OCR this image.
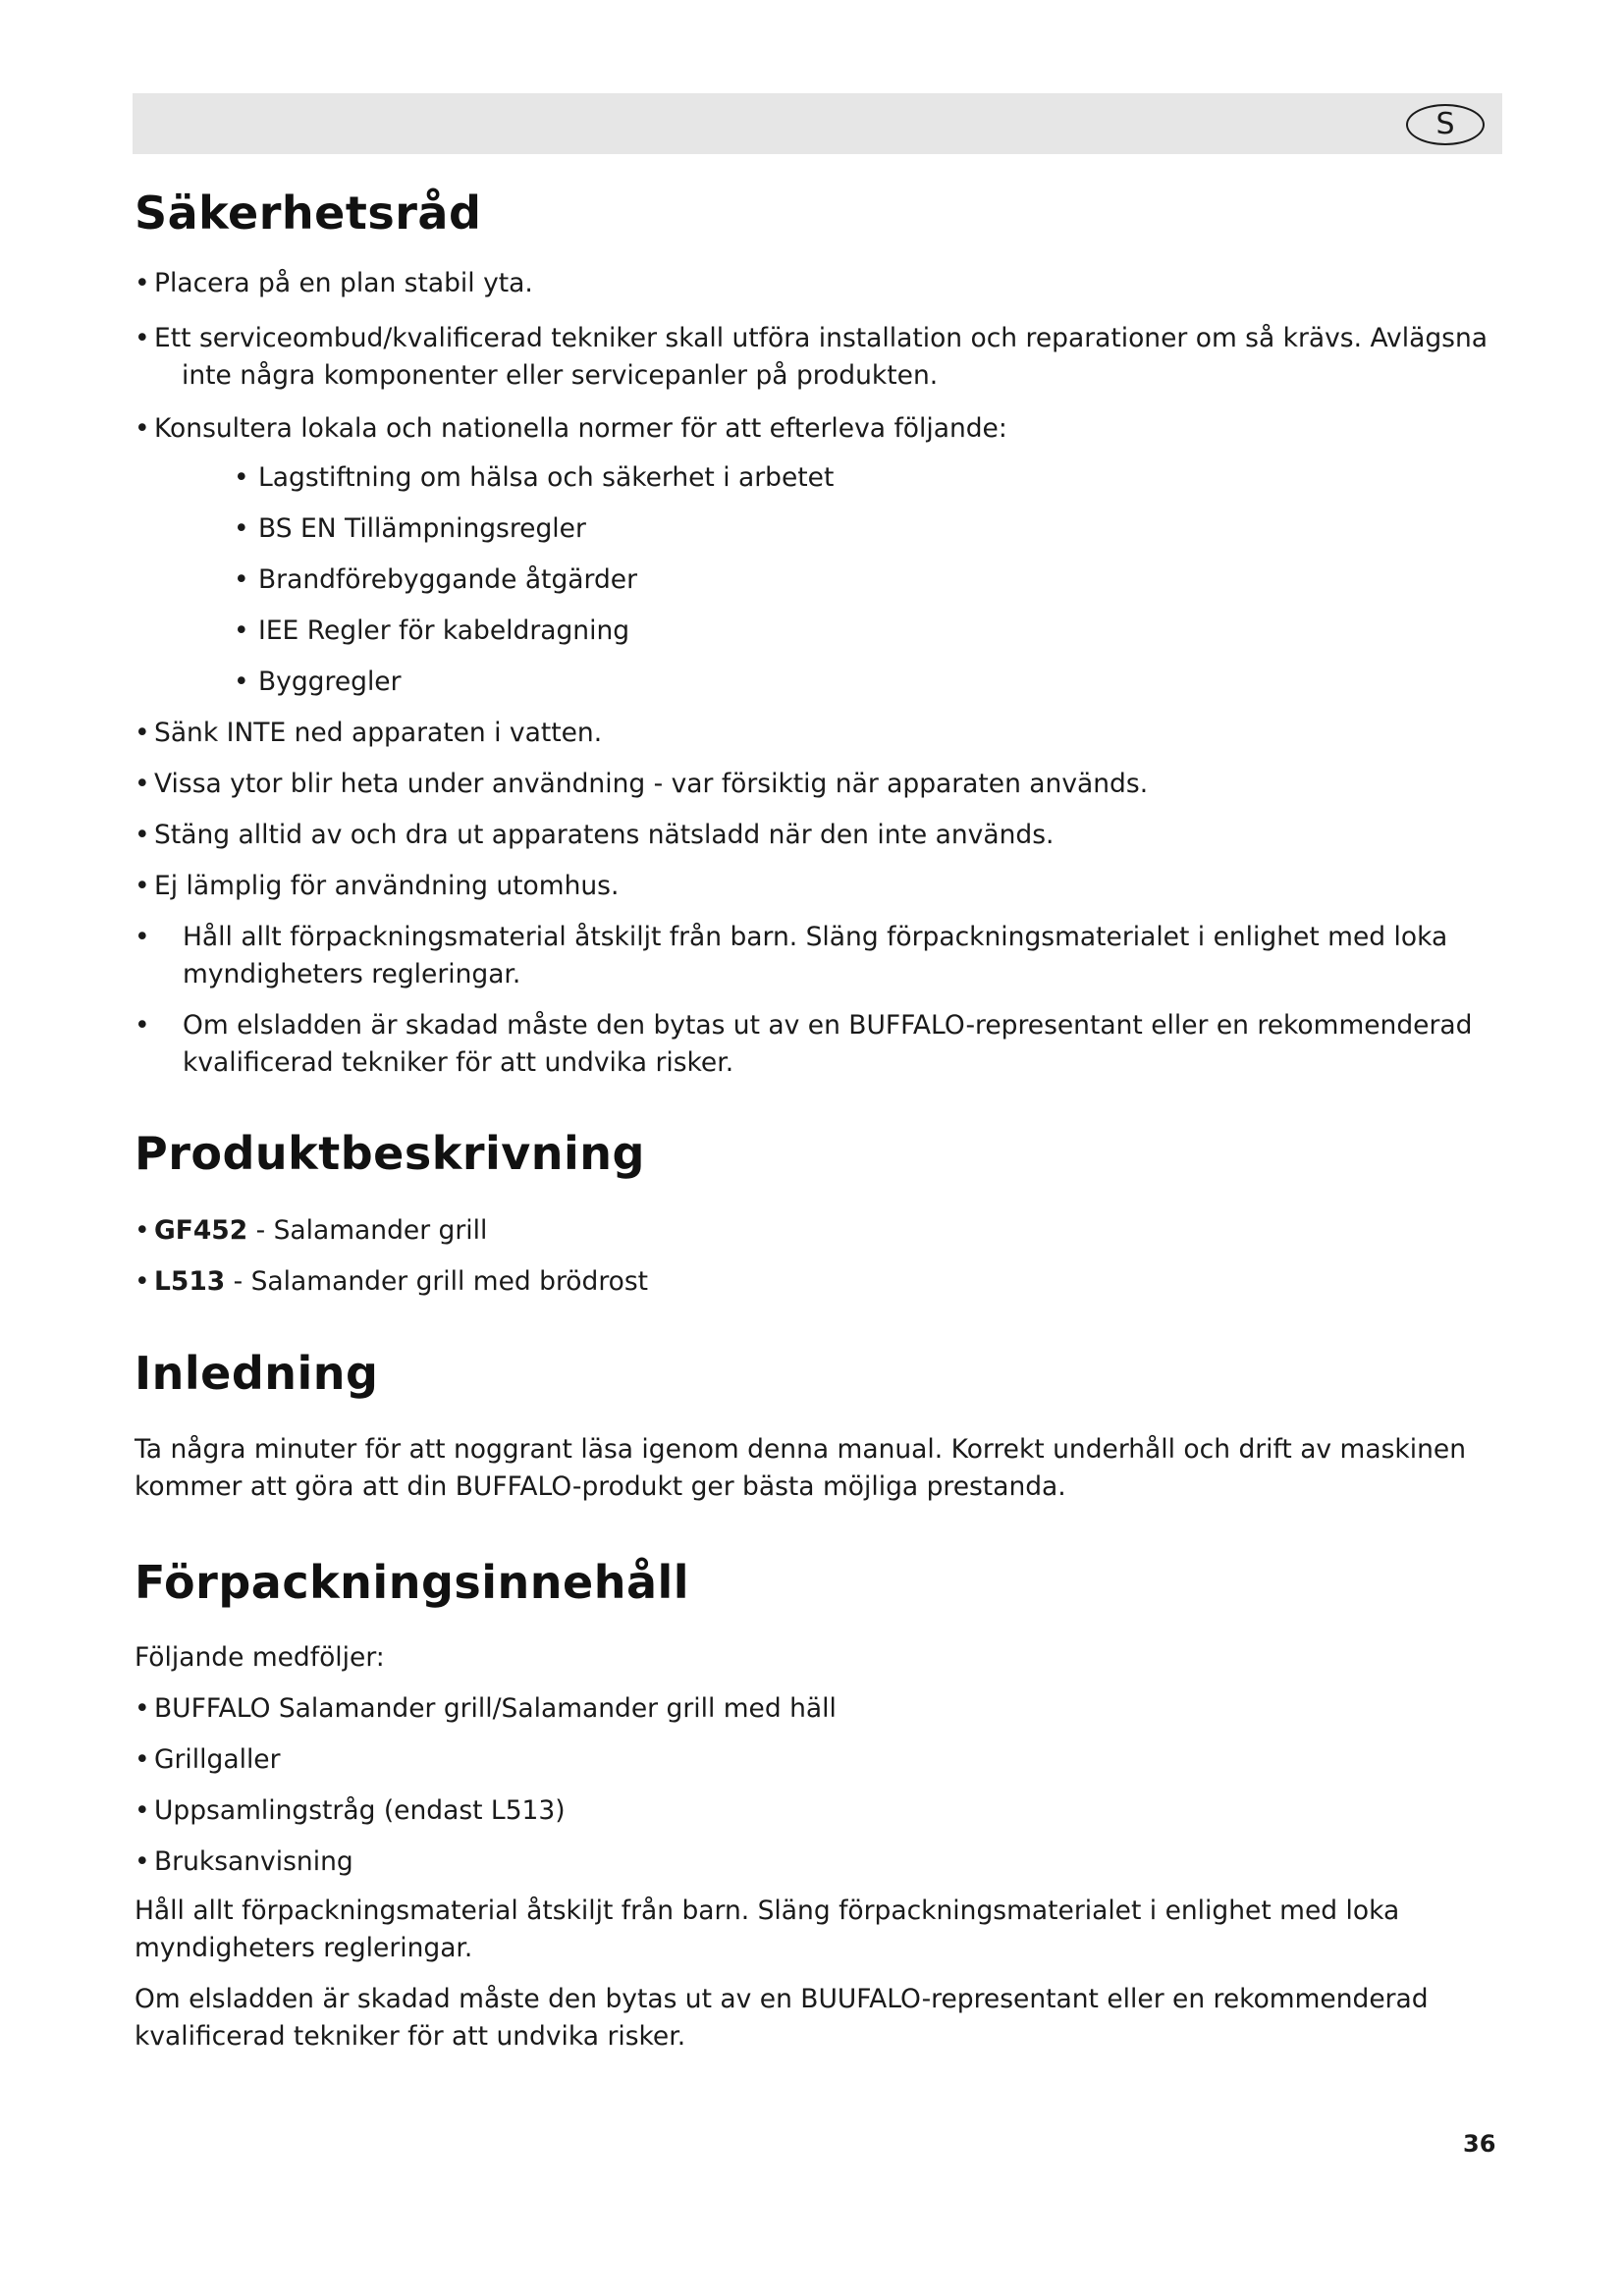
S
Säkerhetsråd
• Placera på en plan stabil yta.
• Ett serviceombud/kvalificerad tekniker skall utföra installation och reparationer om så krävs. Avlägsna
inte några komponenter eller servicepanler på produkten.
• Konsultera lokala och nationella normer för att efterleva följande:
• Lagstiftning om hälsa och säkerhet i arbetet
• BS EN Tillämpningsregler
• Brandförebyggande åtgärder
• IEE Regler för kabeldragning
• Byggregler
• Sänk INTE ned apparaten i vatten.
• Vissa ytor blir heta under användning - var försiktig när apparaten används.
• Stäng alltid av och dra ut apparatens nätsladd när den inte används.
• Ej lämplig för användning utomhus.
•	Håll allt förpackningsmaterial åtskiljt från barn. Släng förpackningsmaterialet i enlighet med loka
myndigheters regleringar.
•	Om elsladden är skadad måste den bytas ut av en BUFFALO-representant eller en rekommenderad
kvalificerad tekniker för att undvika risker.
Produktbeskrivning
• GF452 - Salamander grill
• L513 - Salamander grill med brödrost
Inledning
Ta några minuter för att noggrant läsa igenom denna manual. Korrekt underhåll och drift av maskinen
kommer att göra att din BUFFALO-produkt ger bästa möjliga prestanda.
Förpackningsinnehåll
Följande medföljer:
• BUFFALO Salamander grill/Salamander grill med häll
• Grillgaller
• Uppsamlingstråg (endast L513)
• Bruksanvisning
Håll allt förpackningsmaterial åtskiljt från barn. Släng förpackningsmaterialet i enlighet med loka
myndigheters regleringar.
Om elsladden är skadad måste den bytas ut av en BUUFALO-representant eller en rekommenderad
kvalificerad tekniker för att undvika risker.
36
